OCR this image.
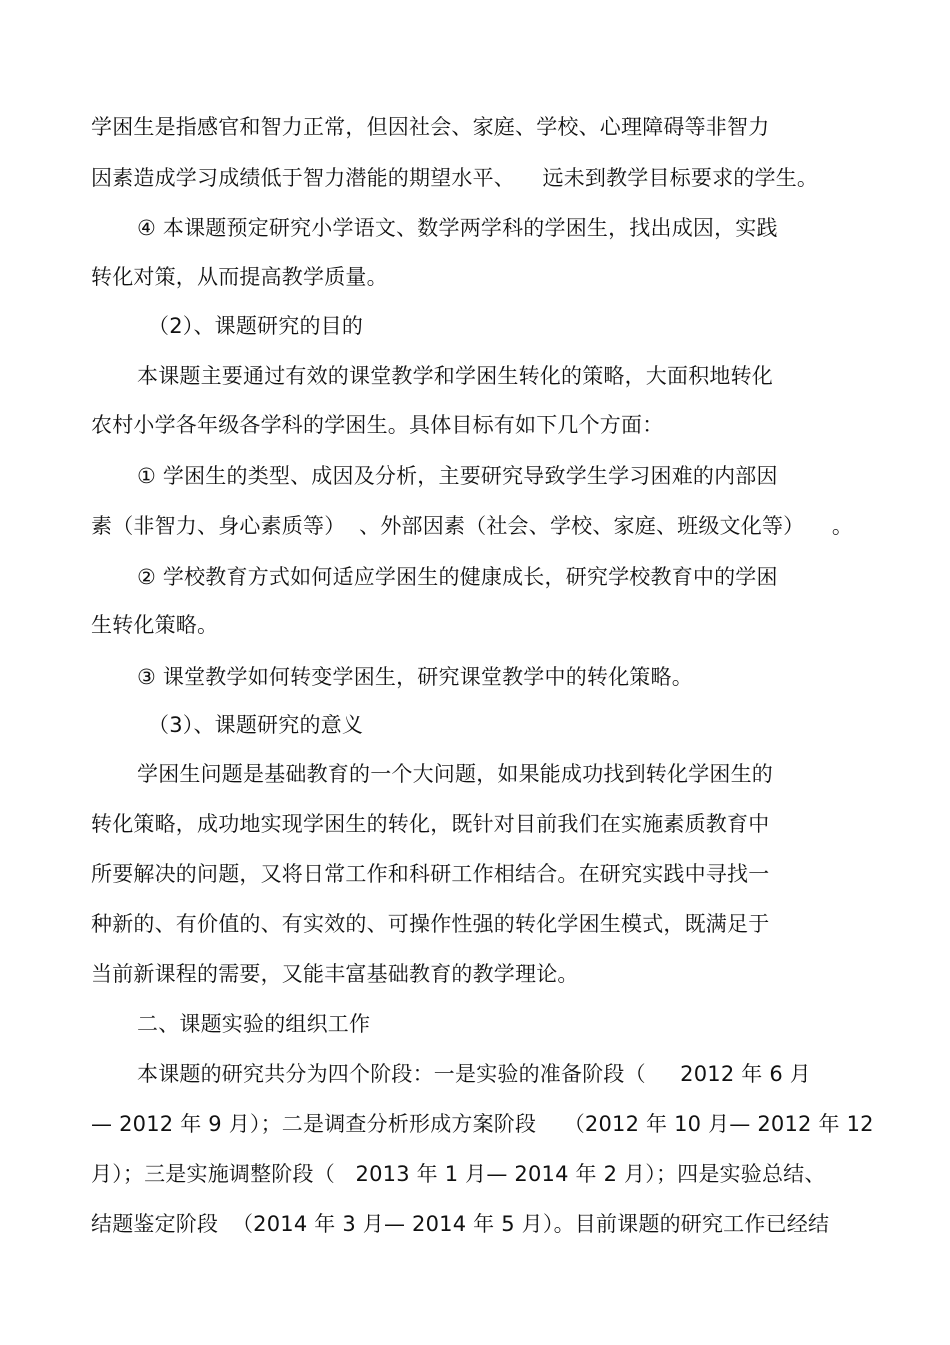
学困生是指感官和智力正常，但因社会、家庭、学校、心理障碍等非智力
因素造成学习成绩低于智力潜能的期望水平、    远未到教学目标要求的学生。
④ 本课题预定研究小学语文、数学两学科的学困生，找出成因，实践
转化对策，从而提高教学质量。
（2）、课题研究的目的
本课题主要通过有效的课堂教学和学困生转化的策略，大面积地转化
农村小学各年级各学科的学困生。具体目标有如下几个方面：
① 学困生的类型、成因及分析，主要研究导致学生学习困难的内部因
素（非智力、身心素质等）  、外部因素（社会、学校、家庭、班级文化等）    。
② 学校教育方式如何适应学困生的健康成长，研究学校教育中的学困
生转化策略。
③ 课堂教学如何转变学困生，研究课堂教学中的转化策略。
（3）、课题研究的意义
学困生问题是基础教育的一个大问题，如果能成功找到转化学困生的
转化策略，成功地实现学困生的转化，既针对目前我们在实施素质教育中
所要解决的问题，又将日常工作和科研工作相结合。在研究实践中寻找一
种新的、有价值的、有实效的、可操作性强的转化学困生模式，既满足于
当前新课程的需要，又能丰富基础教育的教学理论。
二、课题实验的组织工作
本课题的研究共分为四个阶段：一是实验的准备阶段（     2012 年 6 月
— 2012 年 9 月）；二是调查分析形成方案阶段    （2012 年 10 月— 2012 年 12
月）；三是实施调整阶段（   2013 年 1 月— 2014 年 2 月）；四是实验总结、
结题鉴定阶段  （2014 年 3 月— 2014 年 5 月）。目前课题的研究工作已经结
